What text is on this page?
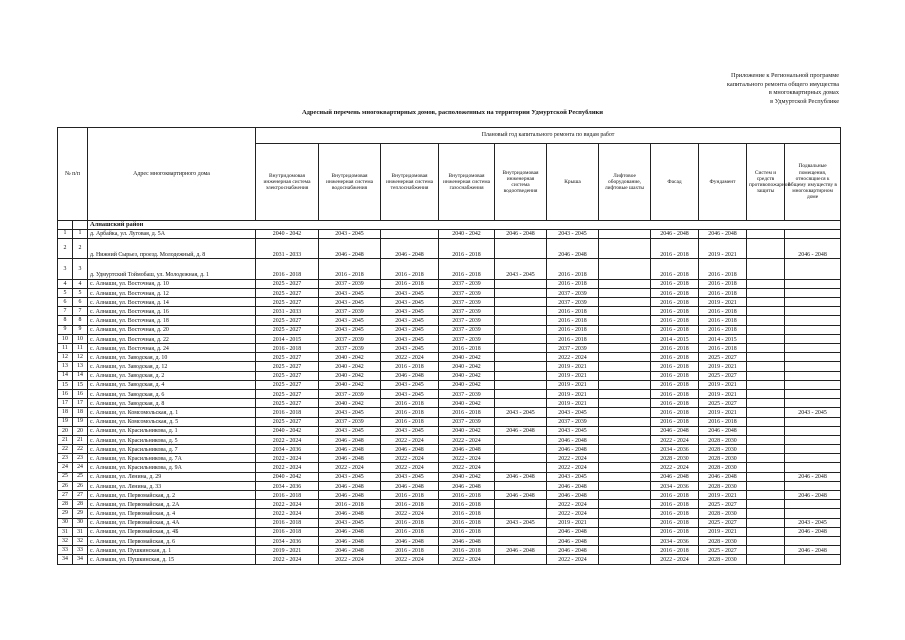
Приложение к Региональной программе
капитального ремонта общего имущества
в многоквартирных домах
в Удмуртской Республике
Адресный перечень многоквартирных домов, расположенных на территории Удмуртской Республики
№ п/п		Адрес многоквартирного дома	Плановый год капитального ремонта по видам работ										
			Внутридомовая инженерная система электроснабжения	Внутридомовая инженерная система водоснабжения	Внутридомовая инженерная система теплоснабжения	Внутридомовая инженерная система газоснабжения	Внутридомовая инженерная система водоотведения	Крыша	Лифтовое оборудование, лифтовые шахты	Фасад	Фундамент	Систем и средств противопожарной защиты	Подвальные помещения, относящиеся к общему имуществу в многоквартирном доме
		Алнашский район											
1	1	д. Арбайка, ул. Луговая, д. 5А	2040 - 2042	2043 - 2045		2040 - 2042	2046 - 2048	2043 - 2045		2046 - 2048	2046 - 2048		
2	2	д. Нижний Сырьез, проезд. Молодежный, д. 8	2031 - 2033	2046 - 2048	2046 - 2048	2016 - 2018		2046 - 2048		2016 - 2018	2019 - 2021		2046 - 2048
3	3	д. Удмуртский Тоймобаш, ул. Молодежная, д. 1	2016 - 2018	2016 - 2018	2016 - 2018	2016 - 2018	2043 - 2045	2016 - 2018		2016 - 2018	2016 - 2018		
4	4	с. Алнаши, ул. Восточная, д. 10	2025 - 2027	2037 - 2039	2016 - 2018	2037 - 2039		2016 - 2018		2016 - 2018	2016 - 2018		
5	5	с. Алнаши, ул. Восточная, д. 12	2025 - 2027	2043 - 2045	2043 - 2045	2037 - 2039		2037 - 2039		2016 - 2018	2016 - 2018		
6	6	с. Алнаши, ул. Восточная, д. 14	2025 - 2027	2043 - 2045	2043 - 2045	2037 - 2039		2037 - 2039		2016 - 2018	2019 - 2021		
7	7	с. Алнаши, ул. Восточная, д. 16	2031 - 2033	2037 - 2039	2043 - 2045	2037 - 2039		2016 - 2018		2016 - 2018	2016 - 2018		
8	8	с. Алнаши, ул. Восточная, д. 18	2025 - 2027	2043 - 2045	2043 - 2045	2037 - 2039		2016 - 2018		2016 - 2018	2016 - 2018		
9	9	с. Алнаши, ул. Восточная, д. 20	2025 - 2027	2043 - 2045	2043 - 2045	2037 - 2039		2016 - 2018		2016 - 2018	2016 - 2018		
10	10	с. Алнаши, ул. Восточная, д. 22	2014 - 2015	2037 - 2039	2043 - 2045	2037 - 2039		2016 - 2018		2014 - 2015	2014 - 2015		
11	11	с. Алнаши, ул. Восточная, д. 24	2016 - 2018	2037 - 2039	2043 - 2045	2016 - 2018		2037 - 2039		2016 - 2018	2016 - 2018		
12	12	с. Алнаши, ул. Заводская, д. 10	2025 - 2027	2040 - 2042	2022 - 2024	2040 - 2042		2022 - 2024		2016 - 2018	2025 - 2027		
13	13	с. Алнаши, ул. Заводская, д. 12	2025 - 2027	2040 - 2042	2016 - 2018	2040 - 2042		2019 - 2021		2016 - 2018	2019 - 2021		
14	14	с. Алнаши, ул. Заводская, д. 2	2025 - 2027	2040 - 2042	2046 - 2048	2040 - 2042		2019 - 2021		2016 - 2018	2025 - 2027		
15	15	с. Алнаши, ул. Заводская, д. 4	2025 - 2027	2040 - 2042	2043 - 2045	2040 - 2042		2019 - 2021		2016 - 2018	2019 - 2021		
16	16	с. Алнаши, ул. Заводская, д. 6	2025 - 2027	2037 - 2039	2043 - 2045	2037 - 2039		2019 - 2021		2016 - 2018	2019 - 2021		
17	17	с. Алнаши, ул. Заводская, д. 8	2025 - 2027	2040 - 2042	2016 - 2018	2040 - 2042		2019 - 2021		2016 - 2018	2025 - 2027		
18	18	с. Алнаши, ул. Комсомольская, д. 1	2016 - 2018	2043 - 2045	2016 - 2018	2016 - 2018	2043 - 2045	2043 - 2045		2016 - 2018	2019 - 2021		2043 - 2045
19	19	с. Алнаши, ул. Комсомольская, д. 5	2025 - 2027	2037 - 2039	2016 - 2018	2037 - 2039		2037 - 2039		2016 - 2018	2016 - 2018		
20	20	с. Алнаши, ул. Красильникова, д. 1	2040 - 2042	2043 - 2045	2043 - 2045	2040 - 2042	2046 - 2048	2043 - 2045		2046 - 2048	2046 - 2048		
21	21	с. Алнаши, ул. Красильникова, д. 5	2022 - 2024	2046 - 2048	2022 - 2024	2022 - 2024		2046 - 2048		2022 - 2024	2028 - 2030		
22	22	с. Алнаши, ул. Красильникова, д. 7	2034 - 2036	2046 - 2048	2046 - 2048	2046 - 2048		2046 - 2048		2034 - 2036	2028 - 2030		
23	23	с. Алнаши, ул. Красильникова, д. 7А	2022 - 2024	2046 - 2048	2022 - 2024	2022 - 2024		2022 - 2024		2028 - 2030	2028 - 2030		
24	24	с. Алнаши, ул. Красильникова, д. 9А	2022 - 2024	2022 - 2024	2022 - 2024	2022 - 2024		2022 - 2024		2022 - 2024	2028 - 2030		
25	25	с. Алнаши, ул. Ленина, д. 29	2040 - 2042	2043 - 2045	2043 - 2045	2040 - 2042	2046 - 2048	2043 - 2045		2046 - 2048	2046 - 2048		2046 - 2048
26	26	с. Алнаши, ул. Ленина, д. 33	2034 - 2036	2046 - 2048	2046 - 2048	2046 - 2048		2046 - 2048		2034 - 2036	2028 - 2030		
27	27	с. Алнаши, ул. Первомайская, д. 2	2016 - 2018	2046 - 2048	2016 - 2018	2016 - 2018	2046 - 2048	2046 - 2048		2016 - 2018	2019 - 2021		2046 - 2048
28	28	с. Алнаши, ул. Первомайская, д. 2А	2022 - 2024	2016 - 2018	2016 - 2018	2016 - 2018		2022 - 2024		2016 - 2018	2025 - 2027		
29	29	с. Алнаши, ул. Первомайская, д. 4	2022 - 2024	2046 - 2048	2022 - 2024	2016 - 2018		2022 - 2024		2016 - 2018	2028 - 2030		
30	30	с. Алнаши, ул. Первомайская, д. 4А	2016 - 2018	2043 - 2045	2016 - 2018	2016 - 2018	2043 - 2045	2019 - 2021		2016 - 2018	2025 - 2027		2043 - 2045
31	31	с. Алнаши, ул. Первомайская, д. 4Б	2016 - 2018	2046 - 2048	2016 - 2018	2016 - 2018		2046 - 2048		2016 - 2018	2019 - 2021		2046 - 2048
32	32	с. Алнаши, ул. Первомайская, д. 6	2034 - 2036	2046 - 2048	2046 - 2048	2046 - 2048		2046 - 2048		2034 - 2036	2028 - 2030		
33	33	с. Алнаши, ул. Пушкинская, д. 1	2019 - 2021	2046 - 2048	2016 - 2018	2016 - 2018	2046 - 2048	2046 - 2048		2016 - 2018	2025 - 2027		2046 - 2048
34	34	с. Алнаши, ул. Пушкинская, д. 15	2022 - 2024	2022 - 2024	2022 - 2024	2022 - 2024		2022 - 2024		2022 - 2024	2028 - 2030		
